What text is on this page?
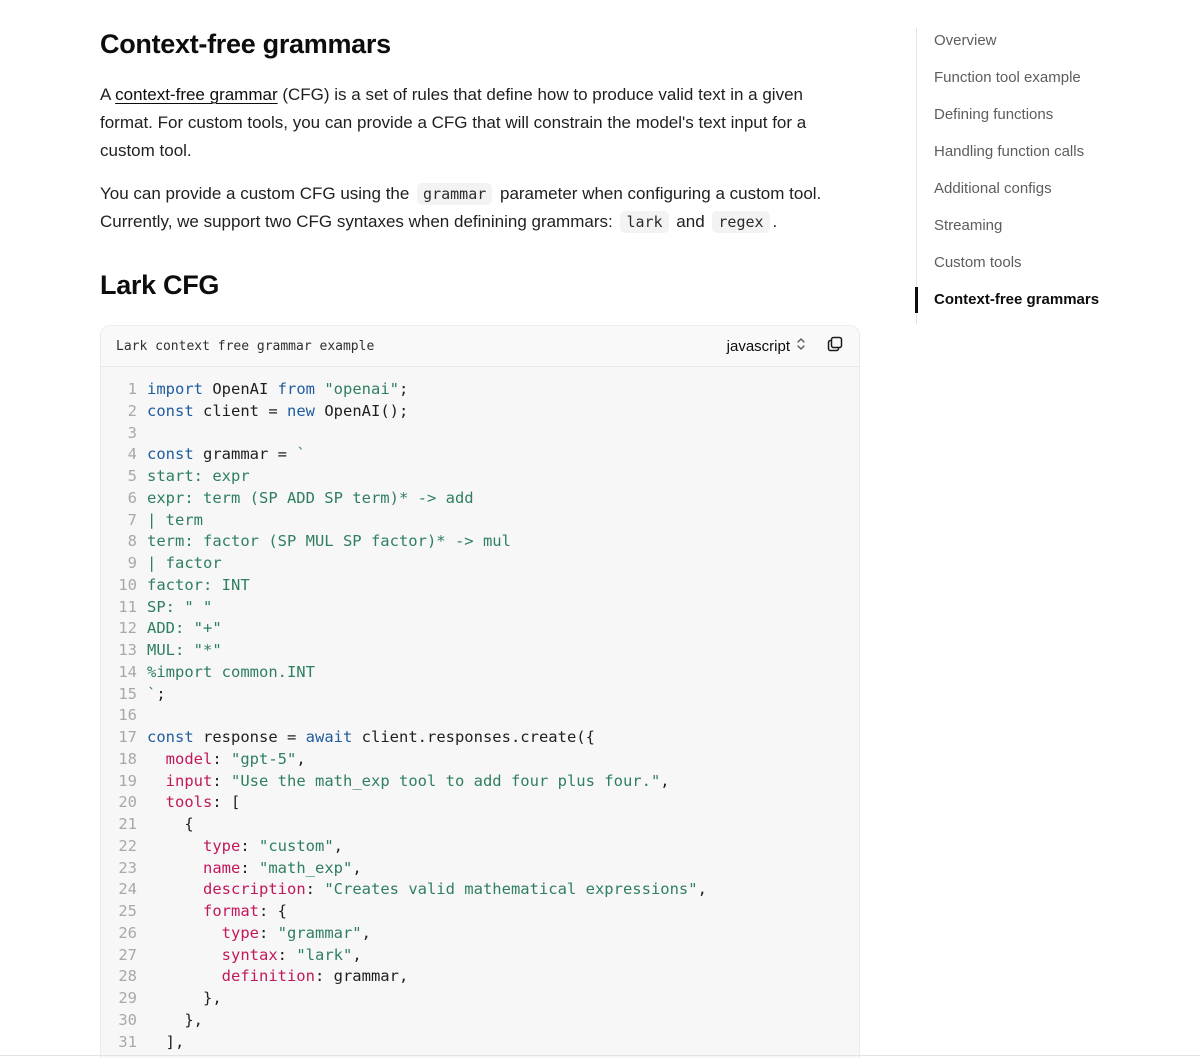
Context-free grammars

A context-free grammar (CFG) is a set of rules that define how to produce valid text in a given format. For custom tools, you can provide a CFG that will constrain the model's text input for a custom tool.

You can provide a custom CFG using the grammar parameter when configuring a custom tool. Currently, we support two CFG syntaxes when definining grammars: lark and regex .

Lark CFG
Lark context free grammar example	javascript
1 import OpenAI from "openai";
2 const client = new OpenAI();
3
4 const grammar = `
5 start: expr
6 expr: term (SP ADD SP term)* -> add
7 | term
8 term: factor (SP MUL SP factor)* -> mul
9 | factor
10 factor: INT
11 SP: " "
12 ADD: "+"
13 MUL: "*"
14 %import common.INT
15 `;
16
17 const response = await client.responses.create({
18	model: "gpt-5",
19	input: "Use the math_exp tool to add four plus four.",
20	tools: [
21 {
22	type: "custom",
23	name: "math_exp",
24	description: "Creates valid mathematical expressions",
25	format: {
26	type: "grammar",
27	syntax: "lark",
28	definition: grammar,
29 },
30 },
31 ],
Overview
Function tool example
Defining functions
Handling function calls
Additional configs
Streaming
Custom tools
Context-free grammars
